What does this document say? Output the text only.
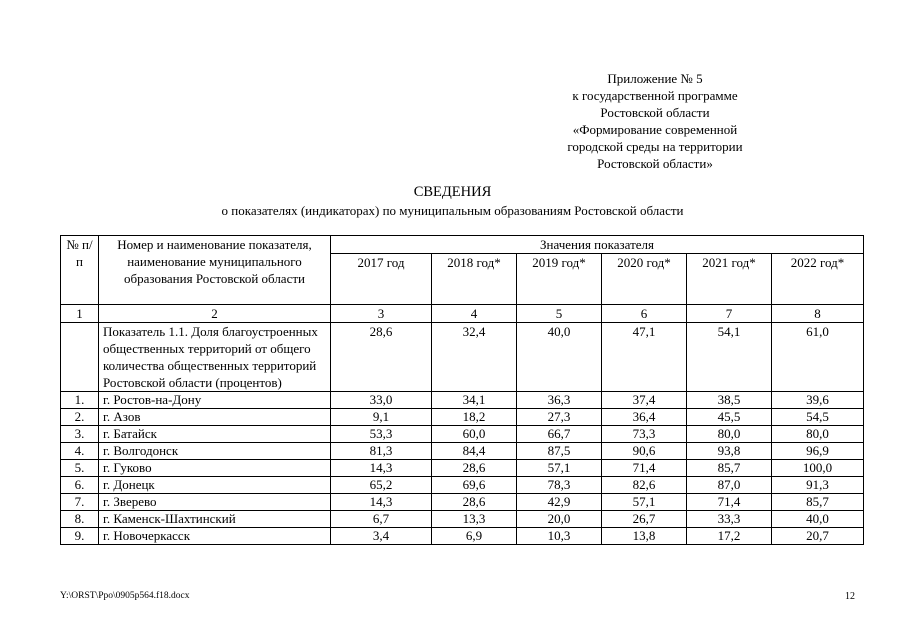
Приложение № 5
к государственной программе
Ростовской области
«Формирование современной
городской среды на территории
Ростовской области»
СВЕДЕНИЯ
о показателях (индикаторах) по муниципальным образованиям Ростовской области
№ п/п	Номер и наименование показателя, наименование муниципального образования Ростовской области	Значения показателя					
		2017 год	2018 год*	2019 год*	2020 год*	2021 год*	2022 год*
1	2	3	4	5	6	7	8
	Показатель 1.1. Доля благоустроенных общественных территорий от общего количества общественных территорий Ростовской области (процентов)	28,6	32,4	40,0	47,1	54,1	61,0
1.	г. Ростов-на-Дону	33,0	34,1	36,3	37,4	38,5	39,6
2.	г. Азов	9,1	18,2	27,3	36,4	45,5	54,5
3.	г. Батайск	53,3	60,0	66,7	73,3	80,0	80,0
4.	г. Волгодонск	81,3	84,4	87,5	90,6	93,8	96,9
5.	г. Гуково	14,3	28,6	57,1	71,4	85,7	100,0
6.	г. Донецк	65,2	69,6	78,3	82,6	87,0	91,3
7.	г. Зверево	14,3	28,6	42,9	57,1	71,4	85,7
8.	г. Каменск-Шахтинский	6,7	13,3	20,0	26,7	33,3	40,0
9.	г. Новочеркасск	3,4	6,9	10,3	13,8	17,2	20,7
Y:\ORST\Ppo\0905p564.f18.docx	12
